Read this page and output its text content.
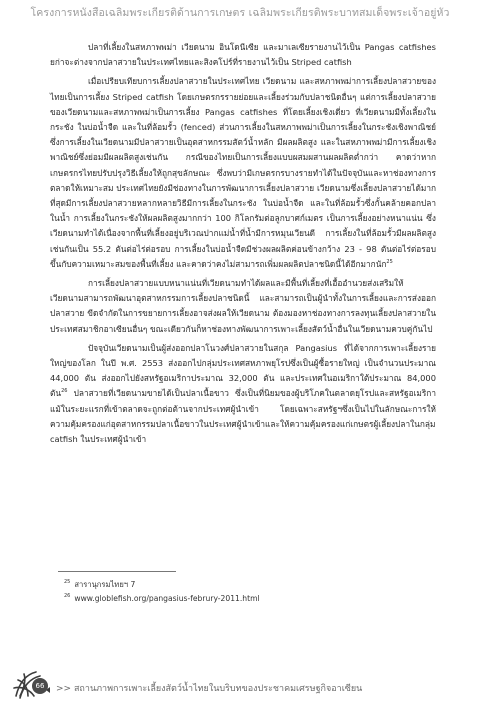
โครงการหนังสือเฉลิมพระเกียรติด้านการเกษตร เฉลิมพระเกียรติพระบาทสมเด็จพระเจ้าอยู่หัว

ปลาที่เลี้ยงในสหภาพพม่า เวียดนาม อินโดนีเซีย และมาเลเซียรายงานไว้เป็น Pangas catfishes ยก่าจะต่างจากปลาสวายในประเทศไทยและสิงคโปร์ที่รายงานไว้เป็น Striped catfish

เมื่อเปรียบเทียบการเลี้ยงปลาสวายในประเทศไทย เวียดนาม และสหภาพพม่าการเลี้ยงปลาสวายของไทยเป็นการเลี้ยง Striped catfish โดยเกษตรกรรายย่อยและเลี้ยงร่วมกับปลาชนิดอื่นๆ แต่การเลี้ยงปลาสวายของเวียดนามและสหภาพพม่าเป็นการเลี้ยง Pangas catfishes ที่โดยเลี้ยงเชิงเดี่ยว ที่เวียดนามมีทั้งเลี้ยงในกระชัง ในบ่อน้ำจืด และในที่ล้อมรั้ว (fenced) ส่วนการเลี้ยงในสหภาพพม่าเป็นการเลี้ยงในกระชังเชิงพาณิชย์ ซึ่งการเลี้ยงในเวียดนามมีปลาสวายเป็นอุตสาหกรรมสัตว์น้ำหลัก มีผลผลิตสูง และในสหภาพพม่ามีการเลี้ยงเชิงพาณิชย์ซึ่งย่อมมีผลผลิตสูงเช่นกัน กรณีของไทยเป็นการเลี้ยงแบบผสมผสานผลผลิตต่ำกว่า คาดว่าหากเกษตรกรไทยปรับปรุงวิธีเลี้ยงให้ถูกสุขลักษณะ ซึ่งพบว่ามีเกษตรกรบางรายทำได้ในปัจจุบันและหาช่องทางการตลาดให้เหมาะสม ประเทศไทยยังมีช่องทางในการพัฒนาการเลี้ยงปลาสวาย เวียดนามซึ่งเลี้ยงปลาสวายได้มากที่สุดมีการเลี้ยงปลาสวายหลากหลายวิธีมีการเลี้ยงในกระชัง ในบ่อน้ำจืด และในที่ล้อมรั้วซึ่งกั้นคล้ายคอกปลาในน้ำ การเลี้ยงในกระชังให้ผลผลิตสูงมากกว่า 100 กิโลกรัมต่อลูกบาศก์เมตร เป็นการเลี้ยงอย่างหนาแน่น ซึ่งเวียดนามทำได้เนื่องจากพื้นที่เลี้ยงอยู่บริเวณปากแม่น้ำที่น้ำมีการหมุนเวียนดี การเลี้ยงในที่ล้อมรั้วมีผลผลิตสูงเช่นกันเป็น 55.2 ตันต่อไร่ต่อรอบ การเลี้ยงในบ่อน้ำจืดมีช่วงผลผลิตค่อนข้างกว้าง 23 - 98 ตันต่อไร่ต่อรอบขึ้นกับความเหมาะสมของพื้นที่เลี้ยง และคาดว่าคงไม่สามารถเพิ่มผลผลิตปลาชนิดนี้ได้อีกมากนัก$^{25}$

การเลี้ยงปลาสวายแบบหนาแน่นที่เวียดนามทำได้ผลและมีพื้นที่เลี้ยงที่เอื้ออำนวยส่งเสริมให้เวียดนามสามารถพัฒนาอุตสาหกรรมการเลี้ยงปลาชนิดนี้ และสามารถเป็นผู้นำทั้งในการเลี้ยงและการส่งออกปลาสวาย ขีดจำกัดในการขยายการเลี้ยงอาจส่งผลให้เวียดนาม ต้องมองหาช่องทางการลงทุนเลี้ยงปลาสวายในประเทศสมาชิกอาเซียนอื่นๆ ขณะเดียวกันก็หาช่องทางพัฒนาการเพาะเลี้ยงสัตว์น้ำอื่นในเวียดนามควบคู่กันไป

ปัจจุบันเวียดนามเป็นผู้ส่งออกปลาโนวงศ์ปลาสวายในสกุล Pangasius ที่ได้จากการเพาะเลี้ยงรายใหญ่ของโลก ในปี พ.ศ. 2553 ส่งออกไปกลุ่มประเทศสหภาพยุโรปซึ่งเป็นผู้ซื้อรายใหญ่ เป็นจำนวนประมาณ 44,000 ตัน ส่งออกไปยังสหรัฐอเมริกาประมาณ 32,000 ตัน และประเทศในอเมริกาใต้ประมาณ 84,000 ตัน$^{26}$ ปลาสวายที่เวียดนามขายได้เป็นปลาเนื้อขาว ซึ่งเป็นที่นิยมของผู้บริโภคในตลาดยุโรปและสหรัฐอเมริกา แม้ในระยะแรกที่เข้าตลาดจะถูกต่อต้านจากประเทศผู้นำเข้า โดยเฉพาะสหรัฐฯซึ่งเป็นไปในลักษณะการให้ความคุ้มครองแก่อุตสาหกรรมปลาเนื้อขาวในประเทศผู้นำเข้าและให้ความคุ้มครองแก่เกษตรผู้เลี้ยงปลาในกลุ่ม catfish ในประเทศผู้นำเข้า

$^{25}$ สารานุกรมไทยฯ 7
$^{26}$ www.globlefish.org/pangasius-februry-2011.html
66	>> สถานภาพการเพาะเลี้ยงสัตว์น้ำไทยในบริบทของประชาคมเศรษฐกิจอาเซียน
